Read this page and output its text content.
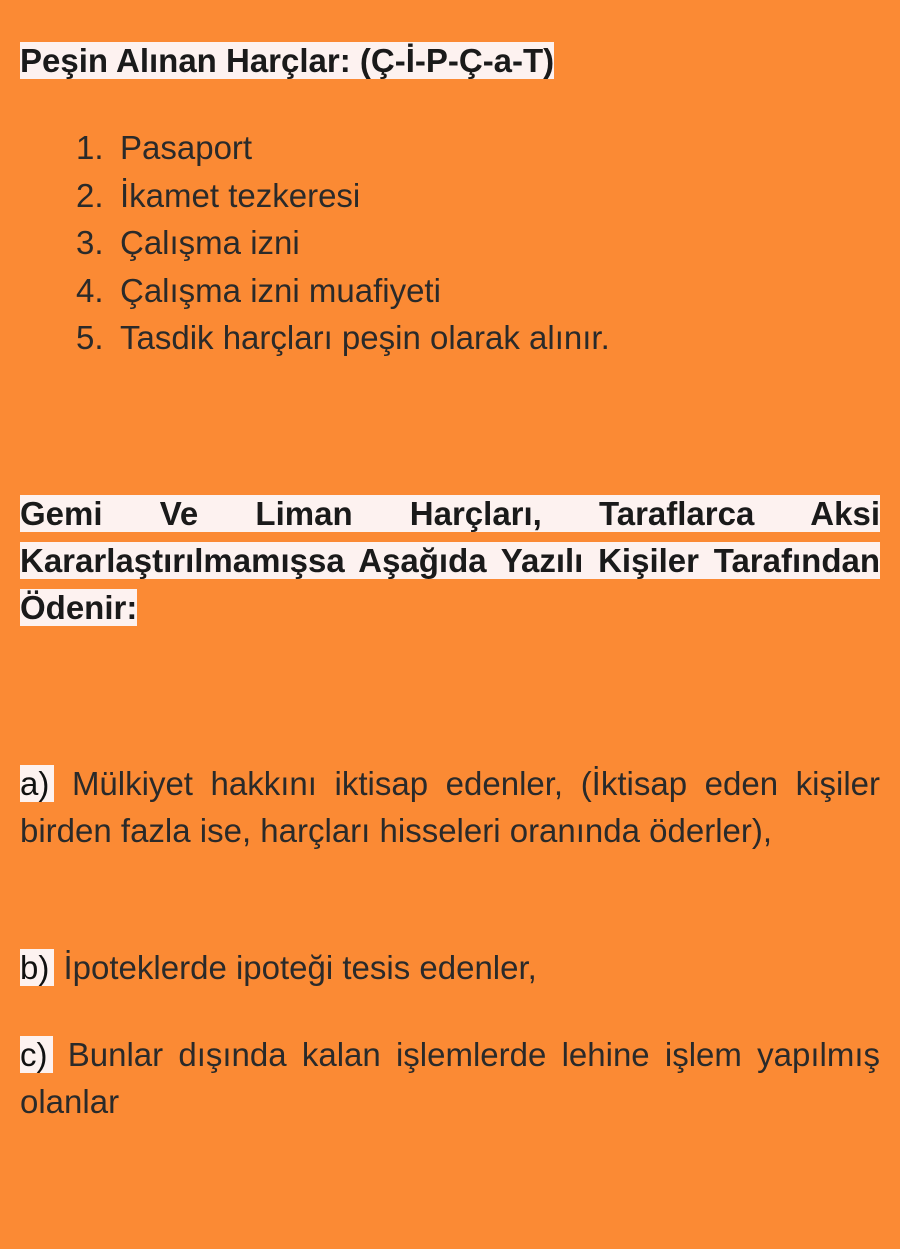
Peşin Alınan Harçlar: (Ç-İ-P-Ç-a-T)

1. Pasaport
2. İkamet tezkeresi
3. Çalışma izni
4. Çalışma izni muafiyeti
5. Tasdik harçları peşin olarak alınır.

Gemi Ve Liman Harçları, Taraflarca Aksi Kararlaştırılmamışsa Aşağıda Yazılı Kişiler Tarafından Ödenir:

a) Mülkiyet hakkını iktisap edenler, (İktisap eden kişiler birden fazla ise, harçları hisseleri oranında öderler),

b) İpoteklerde ipoteği tesis edenler,

c) Bunlar dışında kalan işlemlerde lehine işlem yapılmış olanlar
